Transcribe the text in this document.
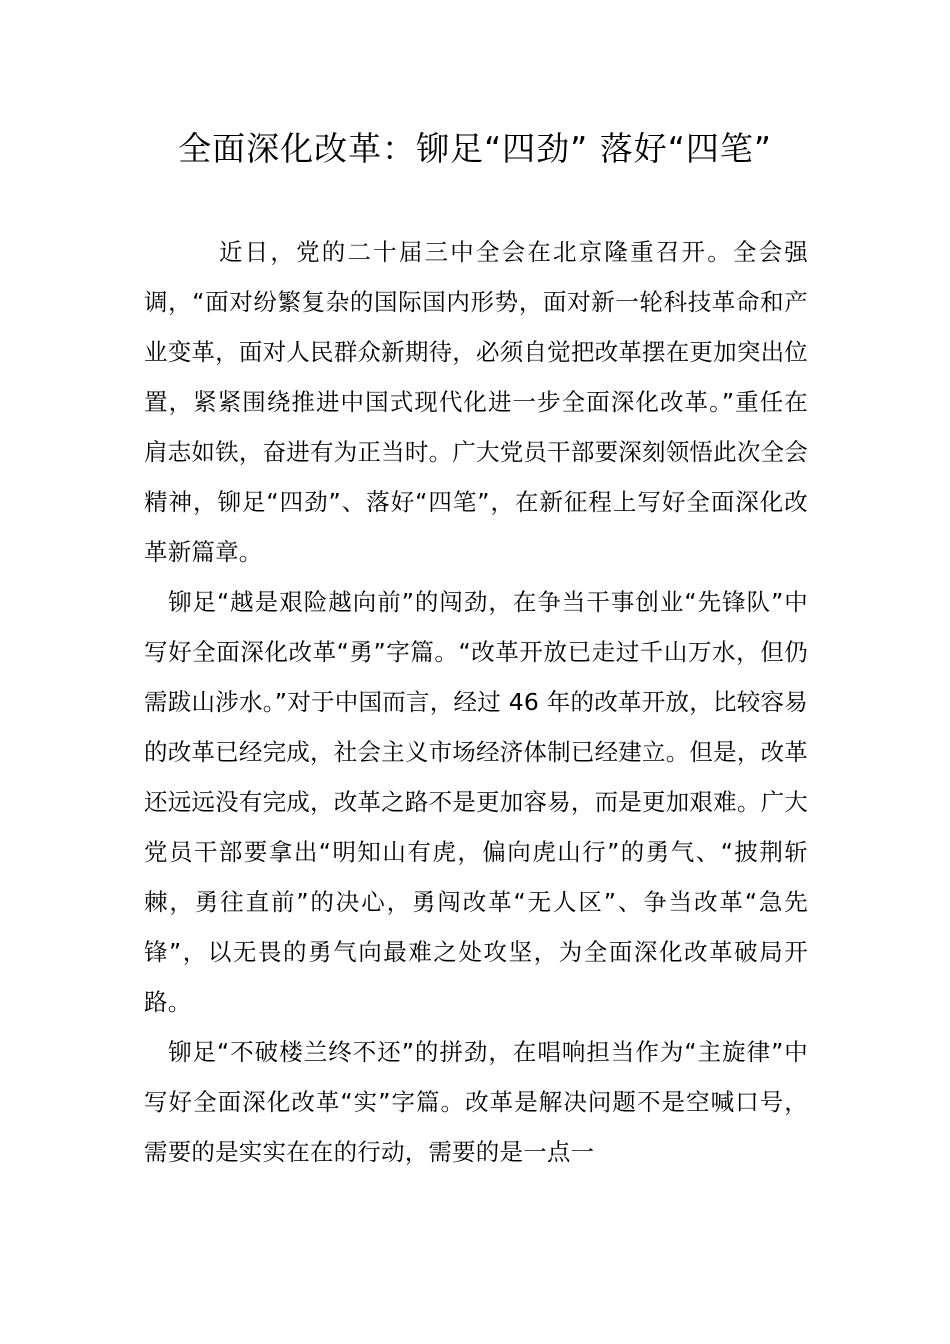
全面深化改革：铆足“四劲” 落好“四笔”

近日，党的二十届三中全会在北京隆重召开。全会强调，“面对纷繁复杂的国际国内形势，面对新一轮科技革命和产业变革，面对人民群众新期待，必须自觉把改革摆在更加突出位置，紧紧围绕推进中国式现代化进一步全面深化改革。”重任在肩志如铁，奋进有为正当时。广大党员干部要深刻领悟此次全会精神，铆足“四劲”、落好“四笔”，在新征程上写好全面深化改革新篇章。

铆足“越是艰险越向前”的闯劲，在争当干事创业“先锋队”中写好全面深化改革“勇”字篇。“改革开放已走过千山万水，但仍需跋山涉水。”对于中国而言，经过 46 年的改革开放，比较容易的改革已经完成，社会主义市场经济体制已经建立。但是，改革还远远没有完成，改革之路不是更加容易，而是更加艰难。广大党员干部要拿出“明知山有虎，偏向虎山行”的勇气、“披荆斩棘，勇往直前”的决心，勇闯改革“无人区”、争当改革“急先锋”，以无畏的勇气向最难之处攻坚，为全面深化改革破局开路。

铆足“不破楼兰终不还”的拼劲，在唱响担当作为“主旋律”中写好全面深化改革“实”字篇。改革是解决问题不是空喊口号，需要的是实实在在的行动，需要的是一点一
